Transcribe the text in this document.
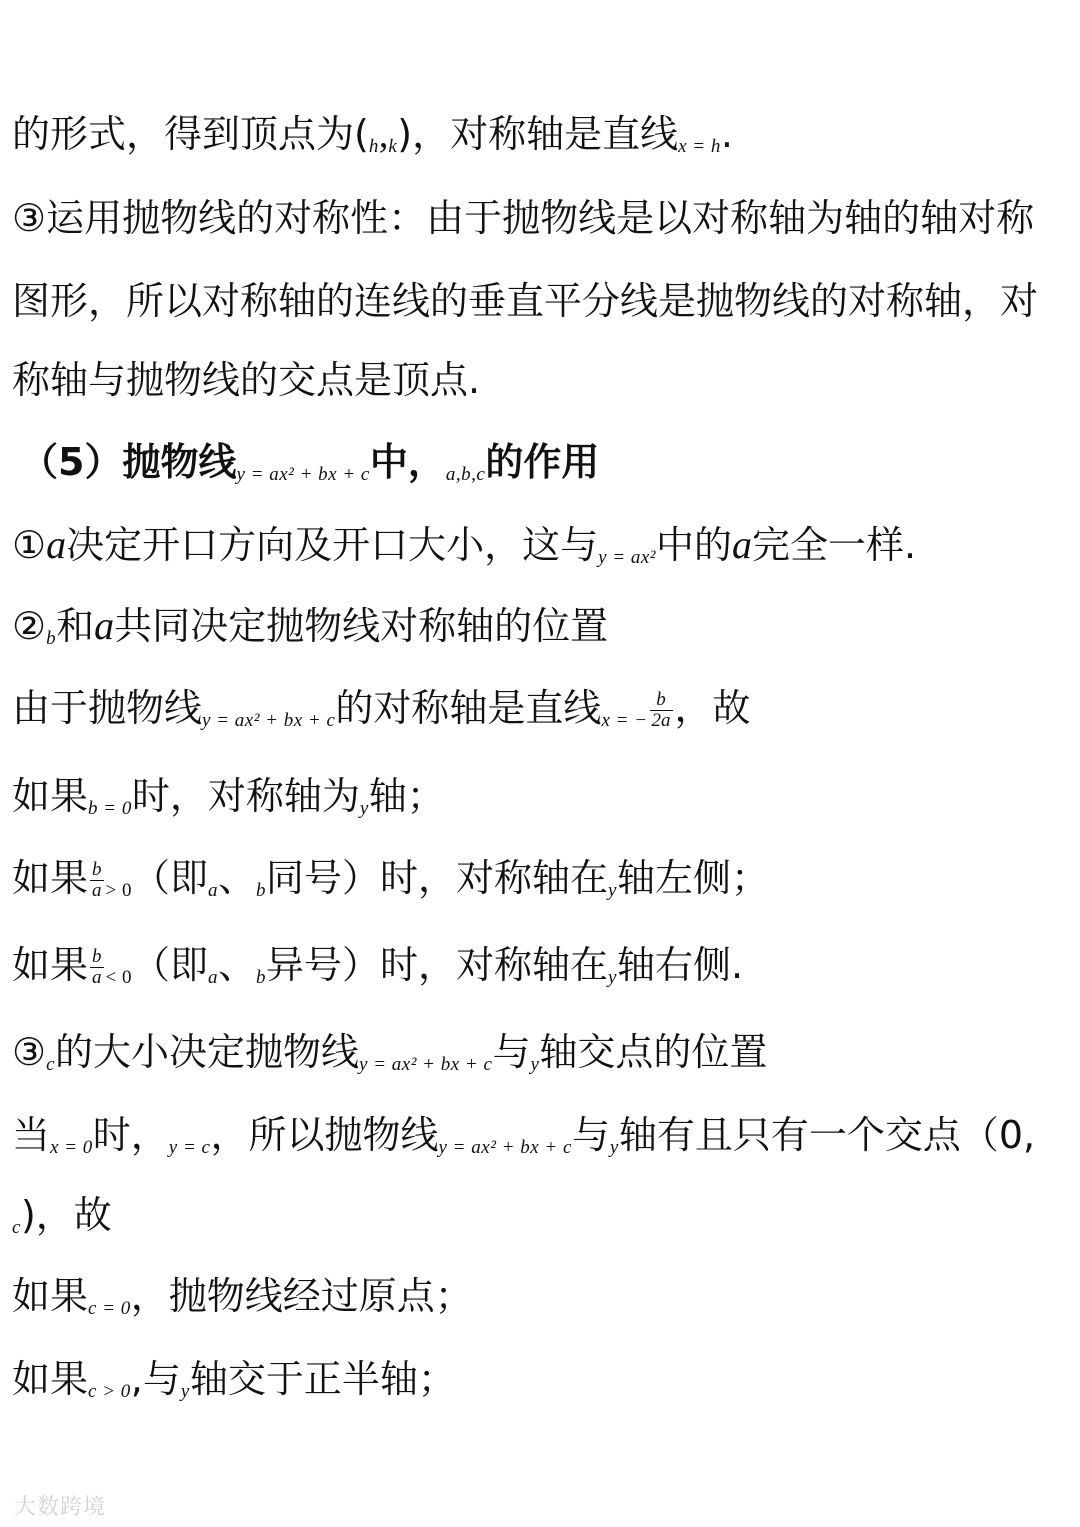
的形式，得到顶点为(h,k)，对称轴是直线x = h.
③运用抛物线的对称性：由于抛物线是以对称轴为轴的轴对称
图形，所以对称轴的连线的垂直平分线是抛物线的对称轴，对
称轴与抛物线的交点是顶点.
（5）抛物线y = ax² + bx + c中，a,b,c的作用
①a决定开口方向及开口大小，这与y = ax²中的a完全一样.
②b和a共同决定抛物线对称轴的位置
由于抛物线y = ax² + bx + c的对称轴是直线x = − $\frac{b}{2a}$ ，故
如果b = 0时，对称轴为y轴；
如果 $\frac{b}{a} > 0$（即a、b同号）时，对称轴在y轴左侧；
如果 $\frac{b}{a} < 0$（即a、b异号）时，对称轴在y轴右侧.
③c的大小决定抛物线y = ax² + bx + c与y轴交点的位置
当x = 0时，y = c，所以抛物线y = ax² + bx + c与y轴有且只有一个交点（0,
c)，故
如果c = 0，抛物线经过原点；
如果c > 0,与y轴交于正半轴；
大数跨境
